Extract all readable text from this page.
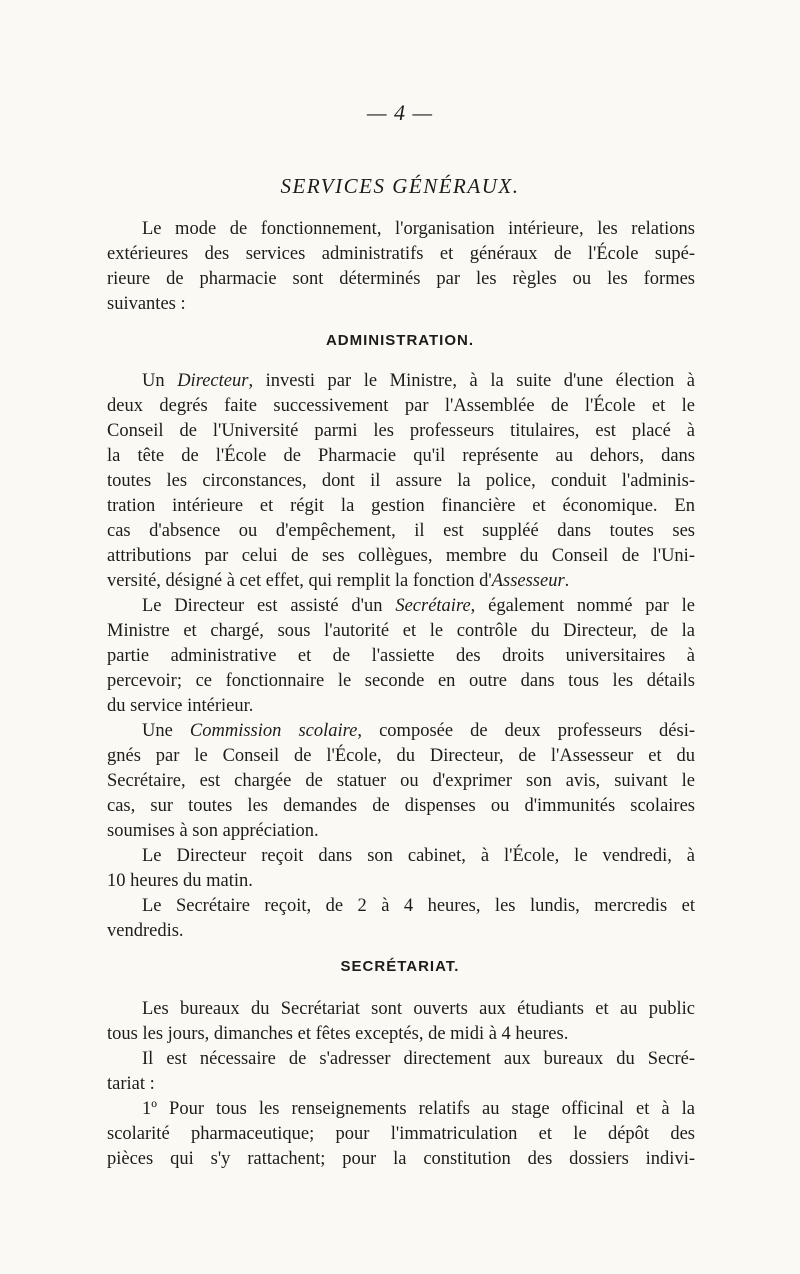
— 4 —
SERVICES GÉNÉRAUX.
Le mode de fonctionnement, l'organisation intérieure, les relations
extérieures des services administratifs et généraux de l'École supé-
rieure de pharmacie sont déterminés par les règles ou les formes
suivantes :
ADMINISTRATION.
Un Directeur, investi par le Ministre, à la suite d'une élection à
deux degrés faite successivement par l'Assemblée de l'École et le
Conseil de l'Université parmi les professeurs titulaires, est placé à
la tête de l'École de Pharmacie qu'il représente au dehors, dans
toutes les circonstances, dont il assure la police, conduit l'adminis-
tration intérieure et régit la gestion financière et économique. En
cas d'absence ou d'empêchement, il est suppléé dans toutes ses
attributions par celui de ses collègues, membre du Conseil de l'Uni-
versité, désigné à cet effet, qui remplit la fonction d'Assesseur.
Le Directeur est assisté d'un Secrétaire, également nommé par le
Ministre et chargé, sous l'autorité et le contrôle du Directeur, de la
partie administrative et de l'assiette des droits universitaires à
percevoir; ce fonctionnaire le seconde en outre dans tous les détails
du service intérieur.
Une Commission scolaire, composée de deux professeurs dési-
gnés par le Conseil de l'École, du Directeur, de l'Assesseur et du
Secrétaire, est chargée de statuer ou d'exprimer son avis, suivant le
cas, sur toutes les demandes de dispenses ou d'immunités scolaires
soumises à son appréciation.
Le Directeur reçoit dans son cabinet, à l'École, le vendredi, à
10 heures du matin.
Le Secrétaire reçoit, de 2 à 4 heures, les lundis, mercredis et
vendredis.
SECRÉTARIAT.
Les bureaux du Secrétariat sont ouverts aux étudiants et au public
tous les jours, dimanches et fêtes exceptés, de midi à 4 heures.
Il est nécessaire de s'adresser directement aux bureaux du Secré-
tariat :
1º Pour tous les renseignements relatifs au stage officinal et à la
scolarité pharmaceutique; pour l'immatriculation et le dépôt des
pièces qui s'y rattachent; pour la constitution des dossiers indivi-
